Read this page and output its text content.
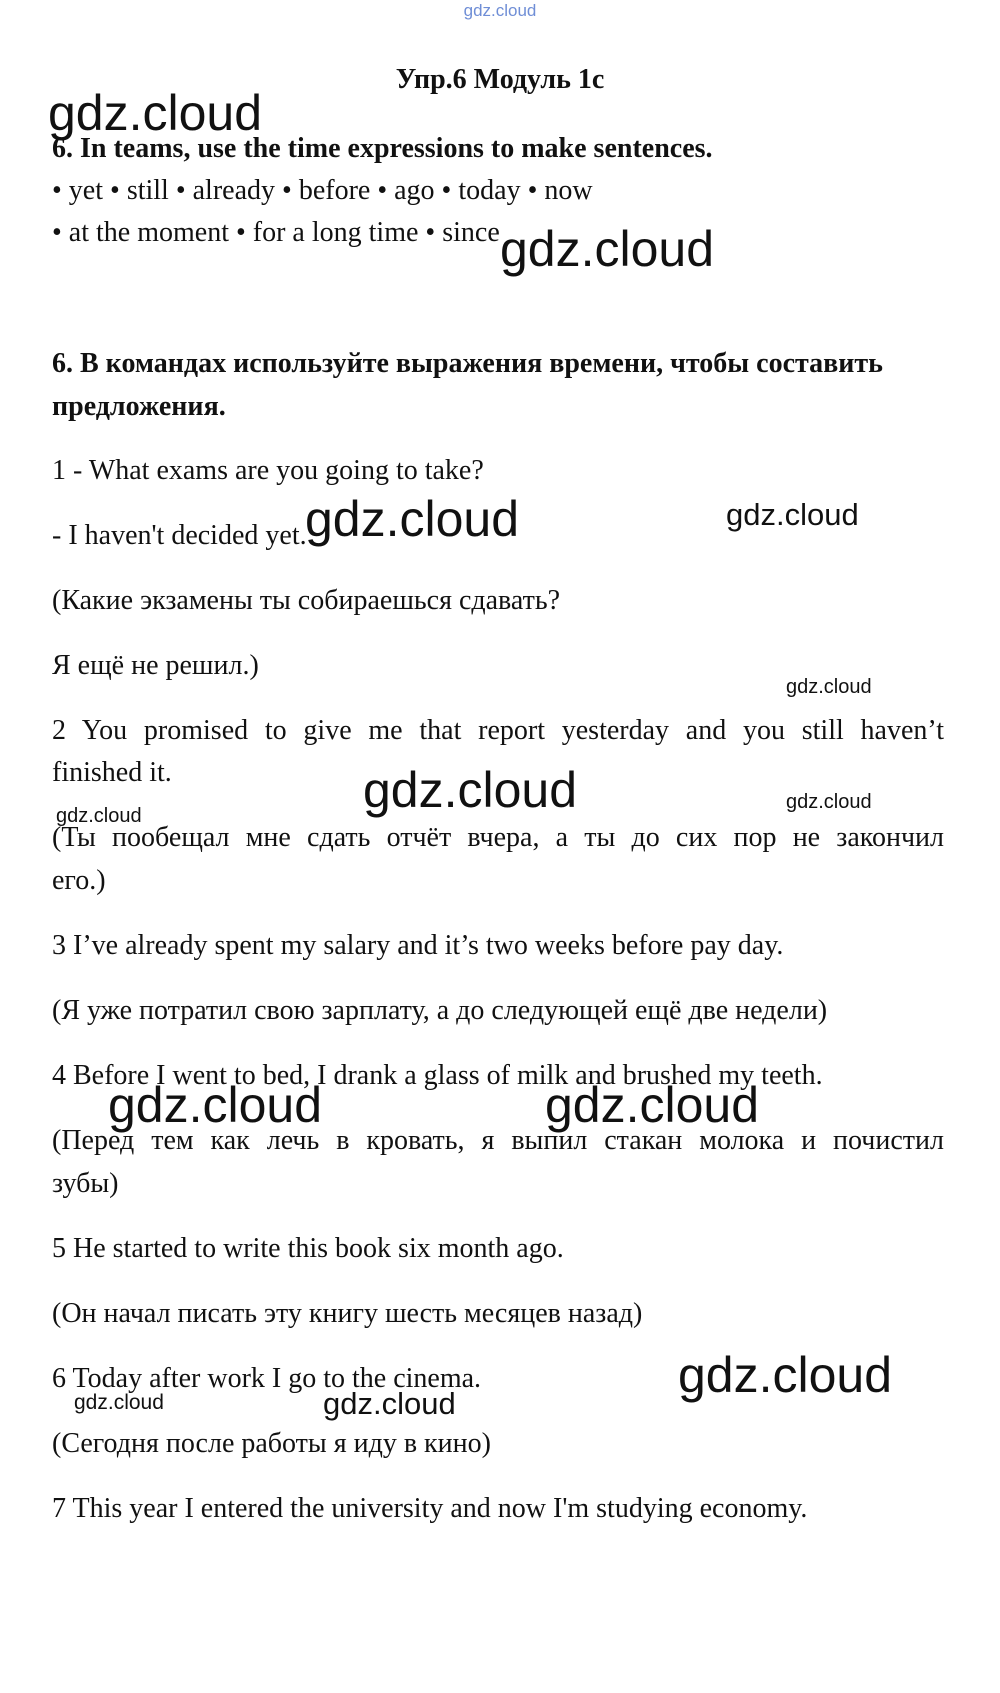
gdz.cloud
Упр.6 Модуль 1с
6. In teams, use the time expressions to make sentences.
• yet • still • already • before • ago • today • now
• at the moment • for a long time • since
6. В командах используйте выражения времени, чтобы составить
предложения.
1 - What exams are you going to take?
- I haven't decided yet.
(Какие экзамены ты собираешься сдавать?
Я ещё не решил.)
2 You promised to give me that report yesterday and you still haven’t
finished it.
(Ты пообещал мне сдать отчёт вчера, а ты до сих пор не закончил
его.)
3 I’ve already spent my salary and it’s two weeks before pay day.
(Я уже потратил свою зарплату, а до следующей ещё две недели)
4 Before I went to bed, I drank a glass of milk and brushed my teeth.
(Перед тем как лечь в кровать, я выпил стакан молока и почистил
зубы)
5 He started to write this book six month ago.
(Он начал писать эту книгу шесть месяцев назад)
6 Today after work I go to the cinema.
(Сегодня после работы я иду в кино)
7 This year I entered the university and now I'm studying economy.
gdz.cloud
gdz.cloud
gdz.cloud	gdz.cloud
gdz.cloud
gdz.cloud	gdz.cloud
gdz.cloud
gdz.cloud	gdz.cloud
gdz.cloud
gdz.cloud	gdz.cloud
